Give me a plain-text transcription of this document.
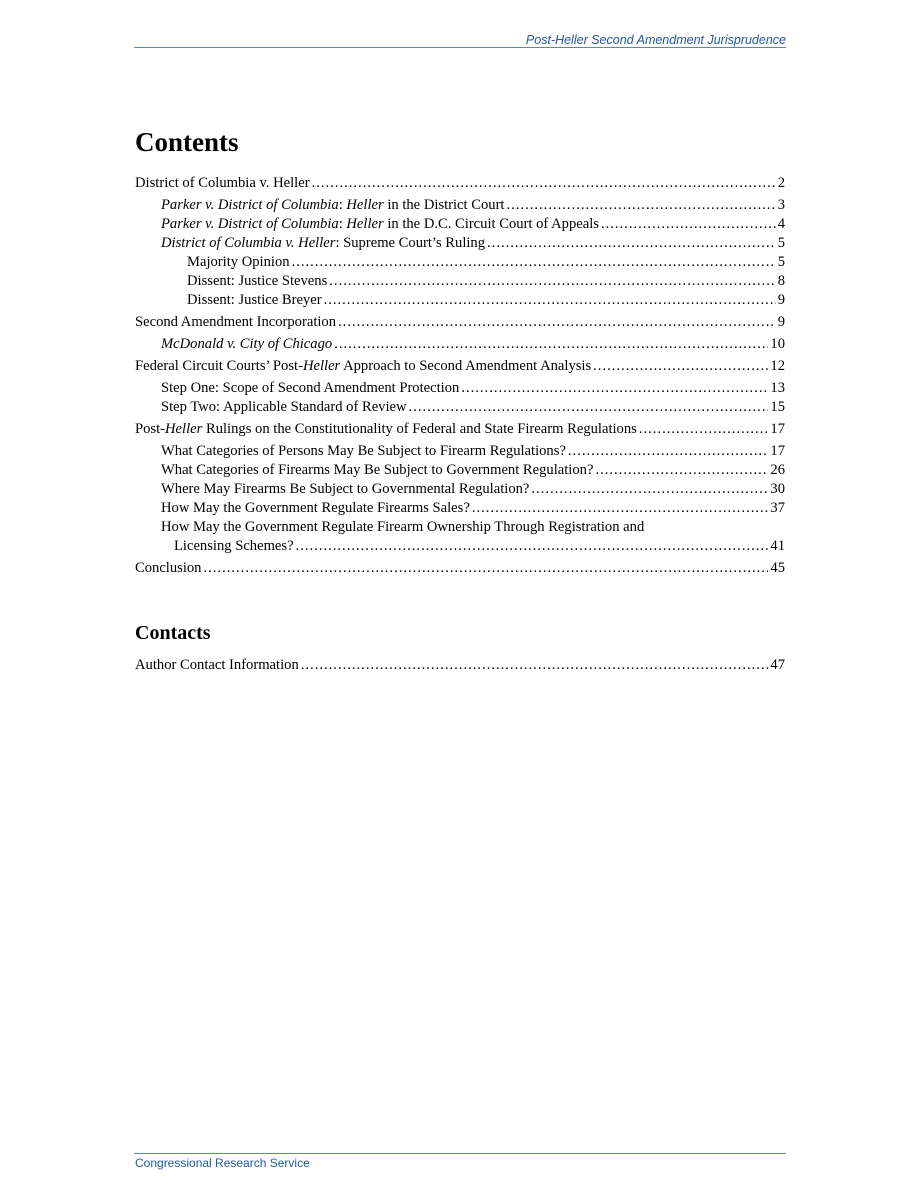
Post-Heller Second Amendment Jurisprudence
Contents
District of Columbia v. Heller .....	2
Parker v. District of Columbia: Heller in the District Court .....	3
Parker v. District of Columbia: Heller in the D.C. Circuit Court of Appeals .....	4
District of Columbia v. Heller: Supreme Court’s Ruling .....	5
Majority Opinion .....	5
Dissent: Justice Stevens .....	8
Dissent: Justice Breyer .....	9
Second Amendment Incorporation .....	9
McDonald v. City of Chicago .....	10
Federal Circuit Courts’ Post-Heller Approach to Second Amendment Analysis .....	12
Step One: Scope of Second Amendment Protection .....	13
Step Two: Applicable Standard of Review .....	15
Post-Heller Rulings on the Constitutionality of Federal and State Firearm Regulations .....	17
What Categories of Persons May Be Subject to Firearm Regulations? .....	17
What Categories of Firearms May Be Subject to Government Regulation? .....	26
Where May Firearms Be Subject to Governmental Regulation? .....	30
How May the Government Regulate Firearms Sales? .....	37
How May the Government Regulate Firearm Ownership Through Registration and
Licensing Schemes? .....	41
Conclusion .....	45
Contacts
Author Contact Information .....	47
Congressional Research Service
